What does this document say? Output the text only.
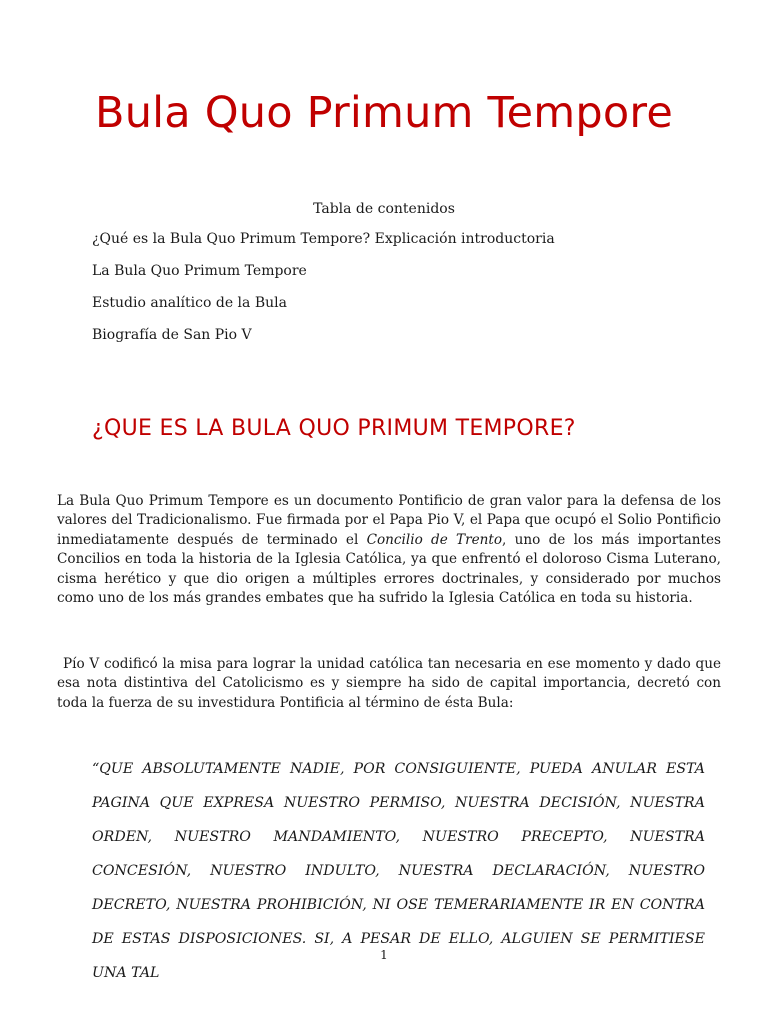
Bula Quo Primum Tempore

Tabla de contenidos

¿Qué es la Bula Quo Primum Tempore? Explicación introductoria
La Bula Quo Primum Tempore
Estudio analítico de la Bula
Biografía de San Pio V
¿QUE ES LA BULA QUO PRIMUM TEMPORE?

La Bula Quo Primum Tempore es un documento Pontificio de gran valor para la defensa de los valores del Tradicionalismo. Fue firmada por el Papa Pio V, el Papa que ocupó el Solio Pontificio inmediatamente después de terminado el Concilio de Trento, uno de los más importantes Concilios en toda la historia de la Iglesia Católica, ya que enfrentó el doloroso Cisma Luterano, cisma herético y que dio origen a múltiples errores doctrinales, y considerado por muchos como uno de los más grandes embates que ha sufrido la Iglesia Católica en toda su historia.

Pío V codificó la misa para lograr la unidad católica tan necesaria en ese momento y dado que esa nota distintiva del Catolicismo es y siempre ha sido de capital importancia, decretó con toda la fuerza de su investidura Pontificia al término de ésta Bula:

“QUE ABSOLUTAMENTE NADIE, POR CONSIGUIENTE, PUEDA ANULAR ESTA PAGINA QUE EXPRESA NUESTRO PERMISO, NUESTRA DECISIÓN, NUESTRA ORDEN, NUESTRO MANDAMIENTO, NUESTRO PRECEPTO, NUESTRA CONCESIÓN, NUESTRO INDULTO, NUESTRA DECLARACIÓN, NUESTRO DECRETO, NUESTRA PROHIBICIÓN, NI OSE TEMERARIAMENTE IR EN CONTRA DE ESTAS DISPOSICIONES. SI, A PESAR DE ELLO, ALGUIEN SE PERMITIESE UNA TAL

1
